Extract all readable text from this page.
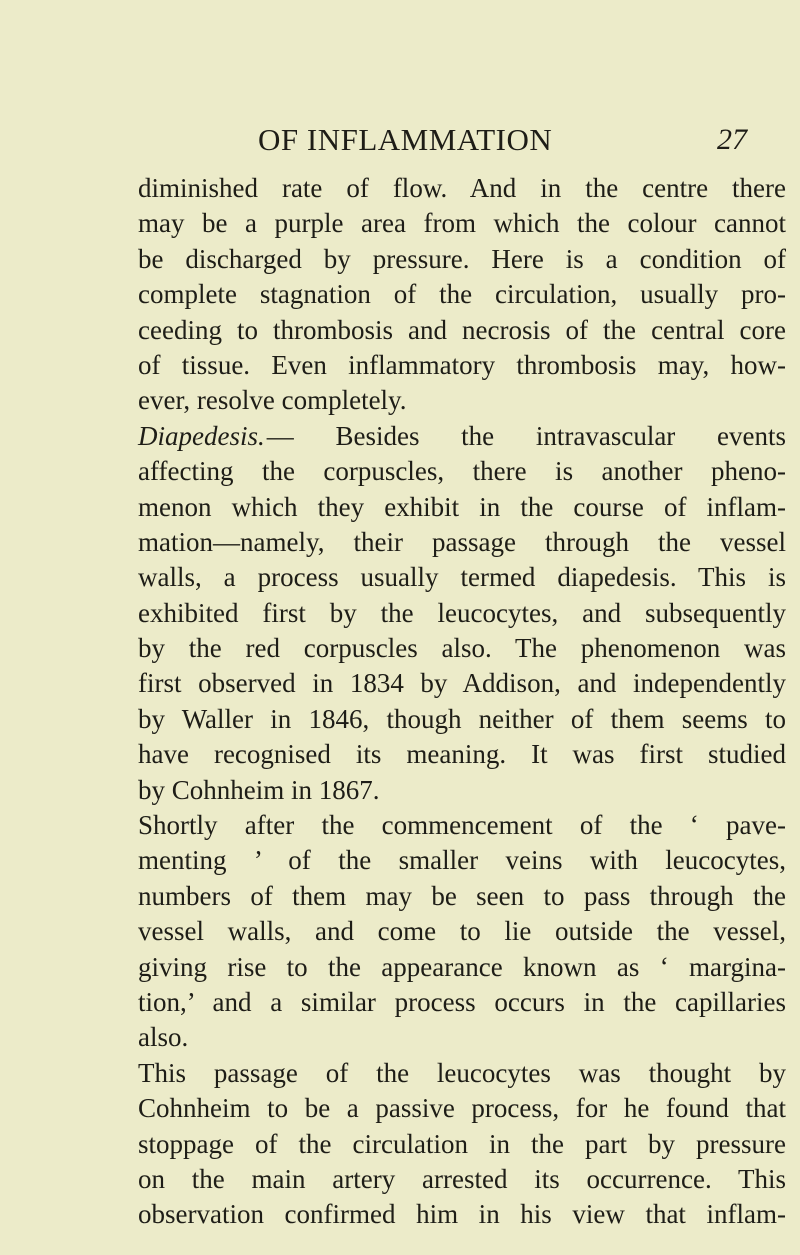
OF INFLAMMATION	27
diminished rate of flow. And in the centre there
may be a purple area from which the colour cannot
be discharged by pressure. Here is a condition of
complete stagnation of the circulation, usually pro-
ceeding to thrombosis and necrosis of the central core
of tissue. Even inflammatory thrombosis may, how-
ever, resolve completely.
Diapedesis.— Besides the intravascular events
affecting the corpuscles, there is another pheno-
menon which they exhibit in the course of inflam-
mation—namely, their passage through the vessel
walls, a process usually termed diapedesis. This is
exhibited first by the leucocytes, and subsequently
by the red corpuscles also. The phenomenon was
first observed in 1834 by Addison, and independently
by Waller in 1846, though neither of them seems to
have recognised its meaning. It was first studied
by Cohnheim in 1867.
Shortly after the commencement of the ‘ pave-
menting ’ of the smaller veins with leucocytes,
numbers of them may be seen to pass through the
vessel walls, and come to lie outside the vessel,
giving rise to the appearance known as ‘ margina-
tion,’ and a similar process occurs in the capillaries
also.
This passage of the leucocytes was thought by
Cohnheim to be a passive process, for he found that
stoppage of the circulation in the part by pressure
on the main artery arrested its occurrence. This
observation confirmed him in his view that inflam-
